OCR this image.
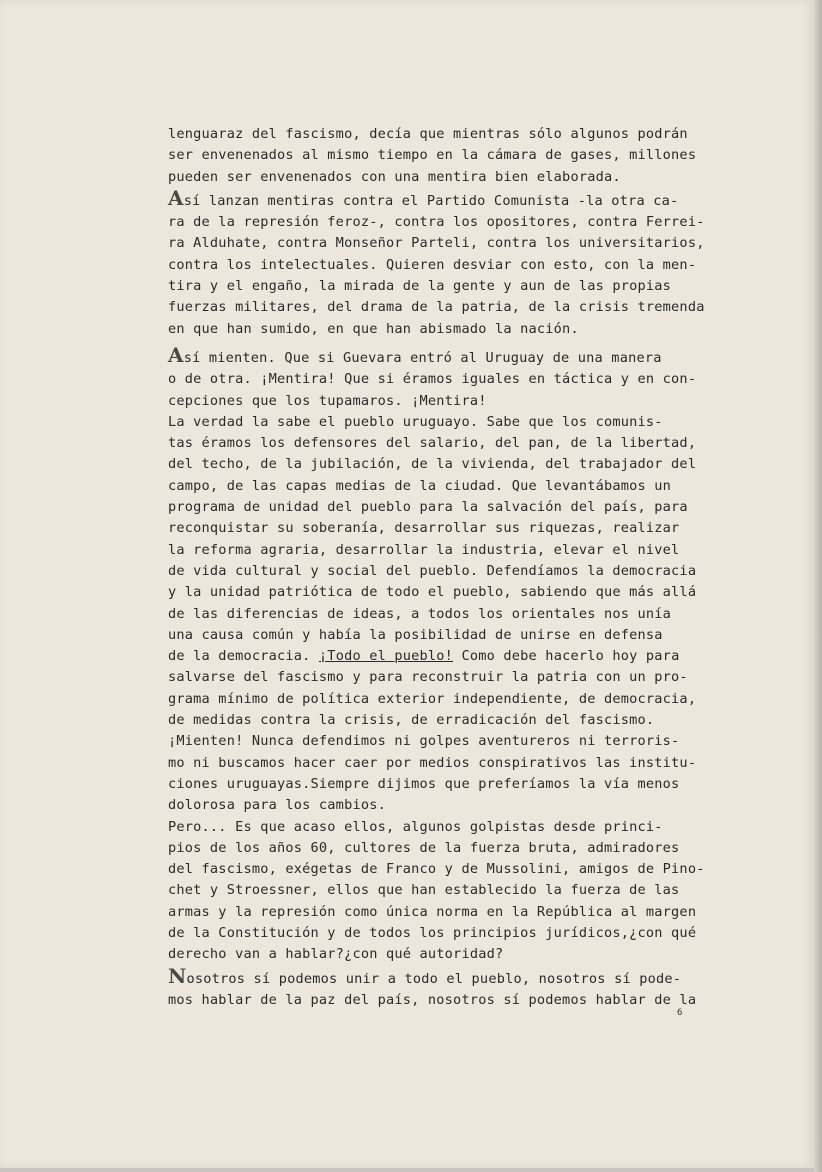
lenguaraz del fascismo, decía que mientras sólo algunos podrán
ser envenenados al mismo tiempo en la cámara de gases, millones
pueden ser envenenados con una mentira bien elaborada.
Así lanzan mentiras contra el Partido Comunista -la otra ca-
ra de la represión feroz-, contra los opositores, contra Ferrei-
ra Alduhate, contra Monseñor Parteli, contra los universitarios,
contra los intelectuales. Quieren desviar con esto, con la men-
tira y el engaño, la mirada de la gente y aun de las propias
fuerzas militares, del drama de la patria, de la crisis tremenda
en que han sumido, en que han abismado la nación.
Así mienten. Que si Guevara entró al Uruguay de una manera
o de otra. ¡Mentira! Que si éramos iguales en táctica y en con-
cepciones que los tupamaros. ¡Mentira!
La verdad la sabe el pueblo uruguayo. Sabe que los comunis-
tas éramos los defensores del salario, del pan, de la libertad,
del techo, de la jubilación, de la vivienda, del trabajador del
campo, de las capas medias de la ciudad. Que levantábamos un
programa de unidad del pueblo para la salvación del país, para
reconquistar su soberanía, desarrollar sus riquezas, realizar
la reforma agraria, desarrollar la industria, elevar el nivel
de vida cultural y social del pueblo. Defendíamos la democracia
y la unidad patriótica de todo el pueblo, sabiendo que más allá
de las diferencias de ideas, a todos los orientales nos unía
una causa común y había la posibilidad de unirse en defensa
de la democracia. ¡Todo el pueblo! Como debe hacerlo hoy para
salvarse del fascismo y para reconstruir la patria con un pro-
grama mínimo de política exterior independiente, de democracia,
de medidas contra la crisis, de erradicación del fascismo.
¡Mienten! Nunca defendimos ni golpes aventureros ni terroris-
mo ni buscamos hacer caer por medios conspirativos las institu-
ciones uruguayas.Siempre dijimos que preferíamos la vía menos
dolorosa para los cambios.
Pero... Es que acaso ellos, algunos golpistas desde princi-
pios de los años 60, cultores de la fuerza bruta, admiradores
del fascismo, exégetas de Franco y de Mussolini, amigos de Pino-
chet y Stroessner, ellos que han establecido la fuerza de las
armas y la represión como única norma en la República al margen
de la Constitución y de todos los principios jurídicos,¿con qué
derecho van a hablar?¿con qué autoridad?
Nosotros sí podemos unir a todo el pueblo, nosotros sí pode-
mos hablar de la paz del país, nosotros sí podemos hablar de la
6
